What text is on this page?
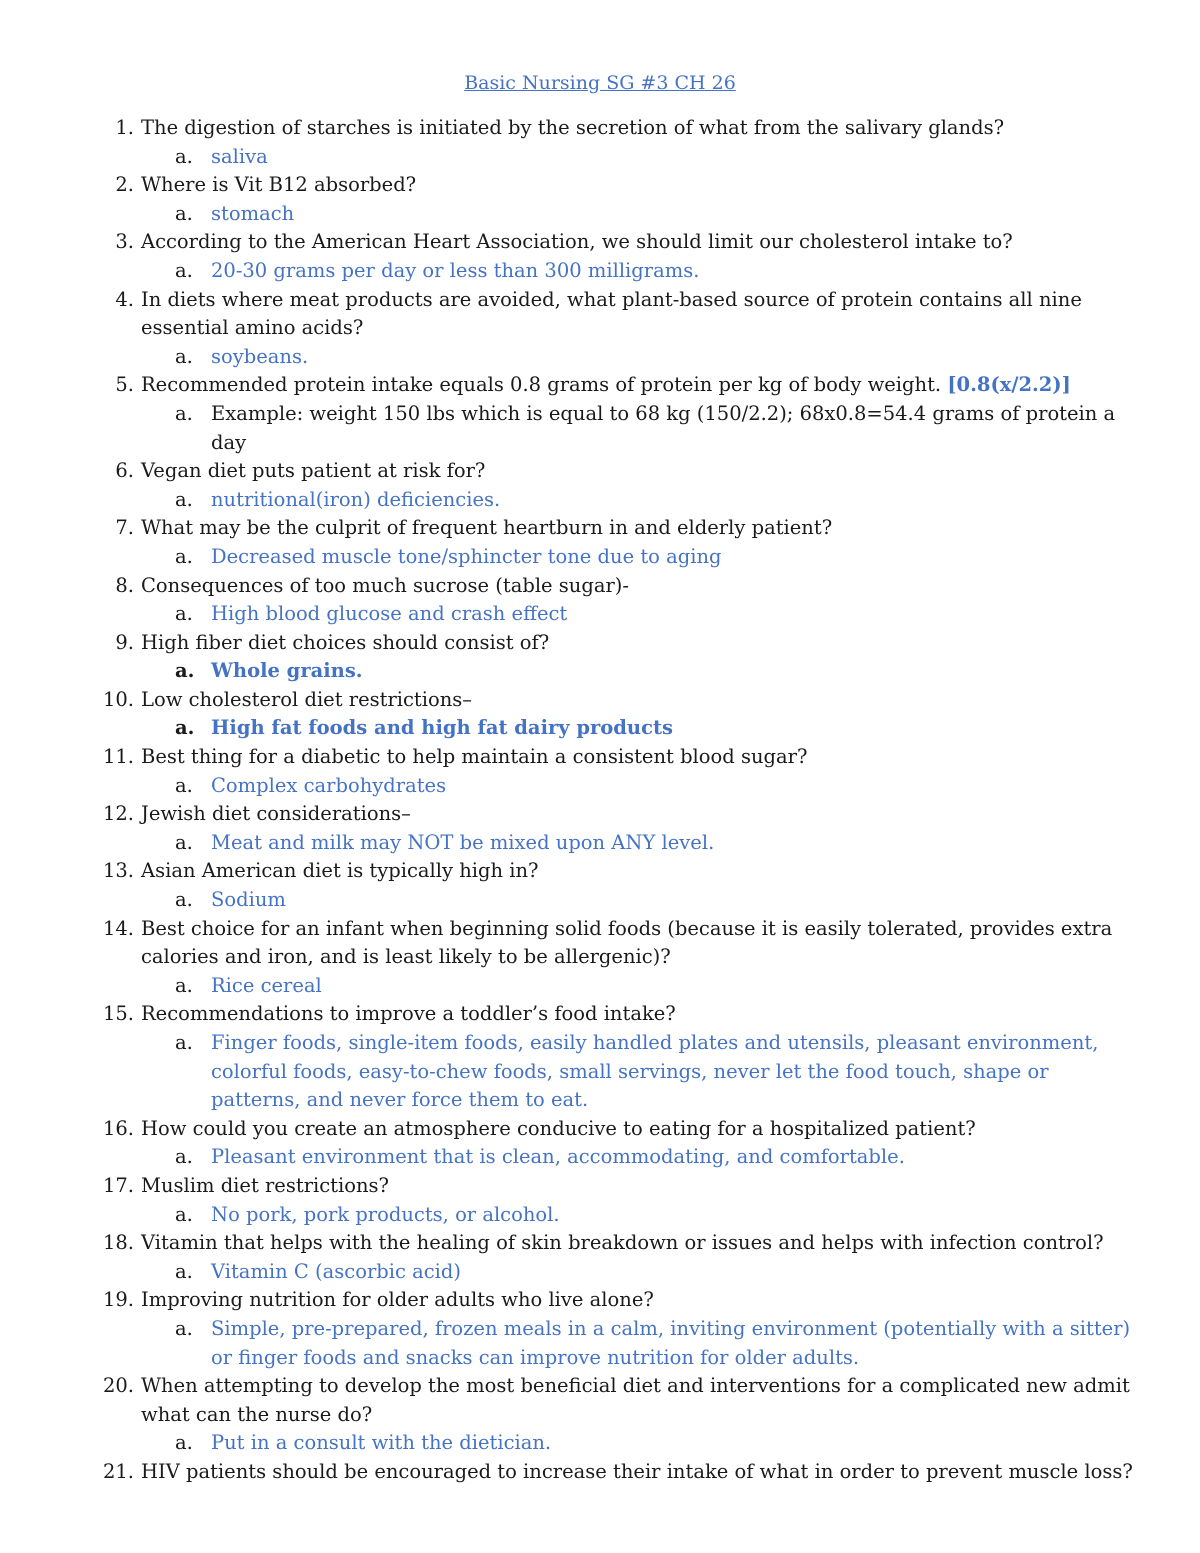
Basic Nursing SG #3 CH 26
1. The digestion of starches is initiated by the secretion of what from the salivary glands?
a. saliva
2. Where is Vit B12 absorbed?
a. stomach
3. According to the American Heart Association, we should limit our cholesterol intake to?
a. 20-30 grams per day or less than 300 milligrams.
4. In diets where meat products are avoided, what plant-based source of protein contains all nine essential amino acids?
a. soybeans.
5. Recommended protein intake equals 0.8 grams of protein per kg of body weight. [0.8(x/2.2)]
a. Example: weight 150 lbs which is equal to 68 kg (150/2.2); 68x0.8=54.4 grams of protein a day
6. Vegan diet puts patient at risk for?
a. nutritional(iron) deficiencies.
7. What may be the culprit of frequent heartburn in and elderly patient?
a. Decreased muscle tone/sphincter tone due to aging
8. Consequences of too much sucrose (table sugar)-
a. High blood glucose and crash effect
9. High fiber diet choices should consist of?
a. Whole grains.
10. Low cholesterol diet restrictions–
a. High fat foods and high fat dairy products
11. Best thing for a diabetic to help maintain a consistent blood sugar?
a. Complex carbohydrates
12. Jewish diet considerations–
a. Meat and milk may NOT be mixed upon ANY level.
13. Asian American diet is typically high in?
a. Sodium
14. Best choice for an infant when beginning solid foods (because it is easily tolerated, provides extra calories and iron, and is least likely to be allergenic)?
a. Rice cereal
15. Recommendations to improve a toddler’s food intake?
a. Finger foods, single-item foods, easily handled plates and utensils, pleasant environment, colorful foods, easy-to-chew foods, small servings, never let the food touch, shape or patterns, and never force them to eat.
16. How could you create an atmosphere conducive to eating for a hospitalized patient?
a. Pleasant environment that is clean, accommodating, and comfortable.
17. Muslim diet restrictions?
a. No pork, pork products, or alcohol.
18. Vitamin that helps with the healing of skin breakdown or issues and helps with infection control?
a. Vitamin C (ascorbic acid)
19. Improving nutrition for older adults who live alone?
a. Simple, pre-prepared, frozen meals in a calm, inviting environment (potentially with a sitter) or finger foods and snacks can improve nutrition for older adults.
20. When attempting to develop the most beneficial diet and interventions for a complicated new admit what can the nurse do?
a. Put in a consult with the dietician.
21. HIV patients should be encouraged to increase their intake of what in order to prevent muscle loss?
